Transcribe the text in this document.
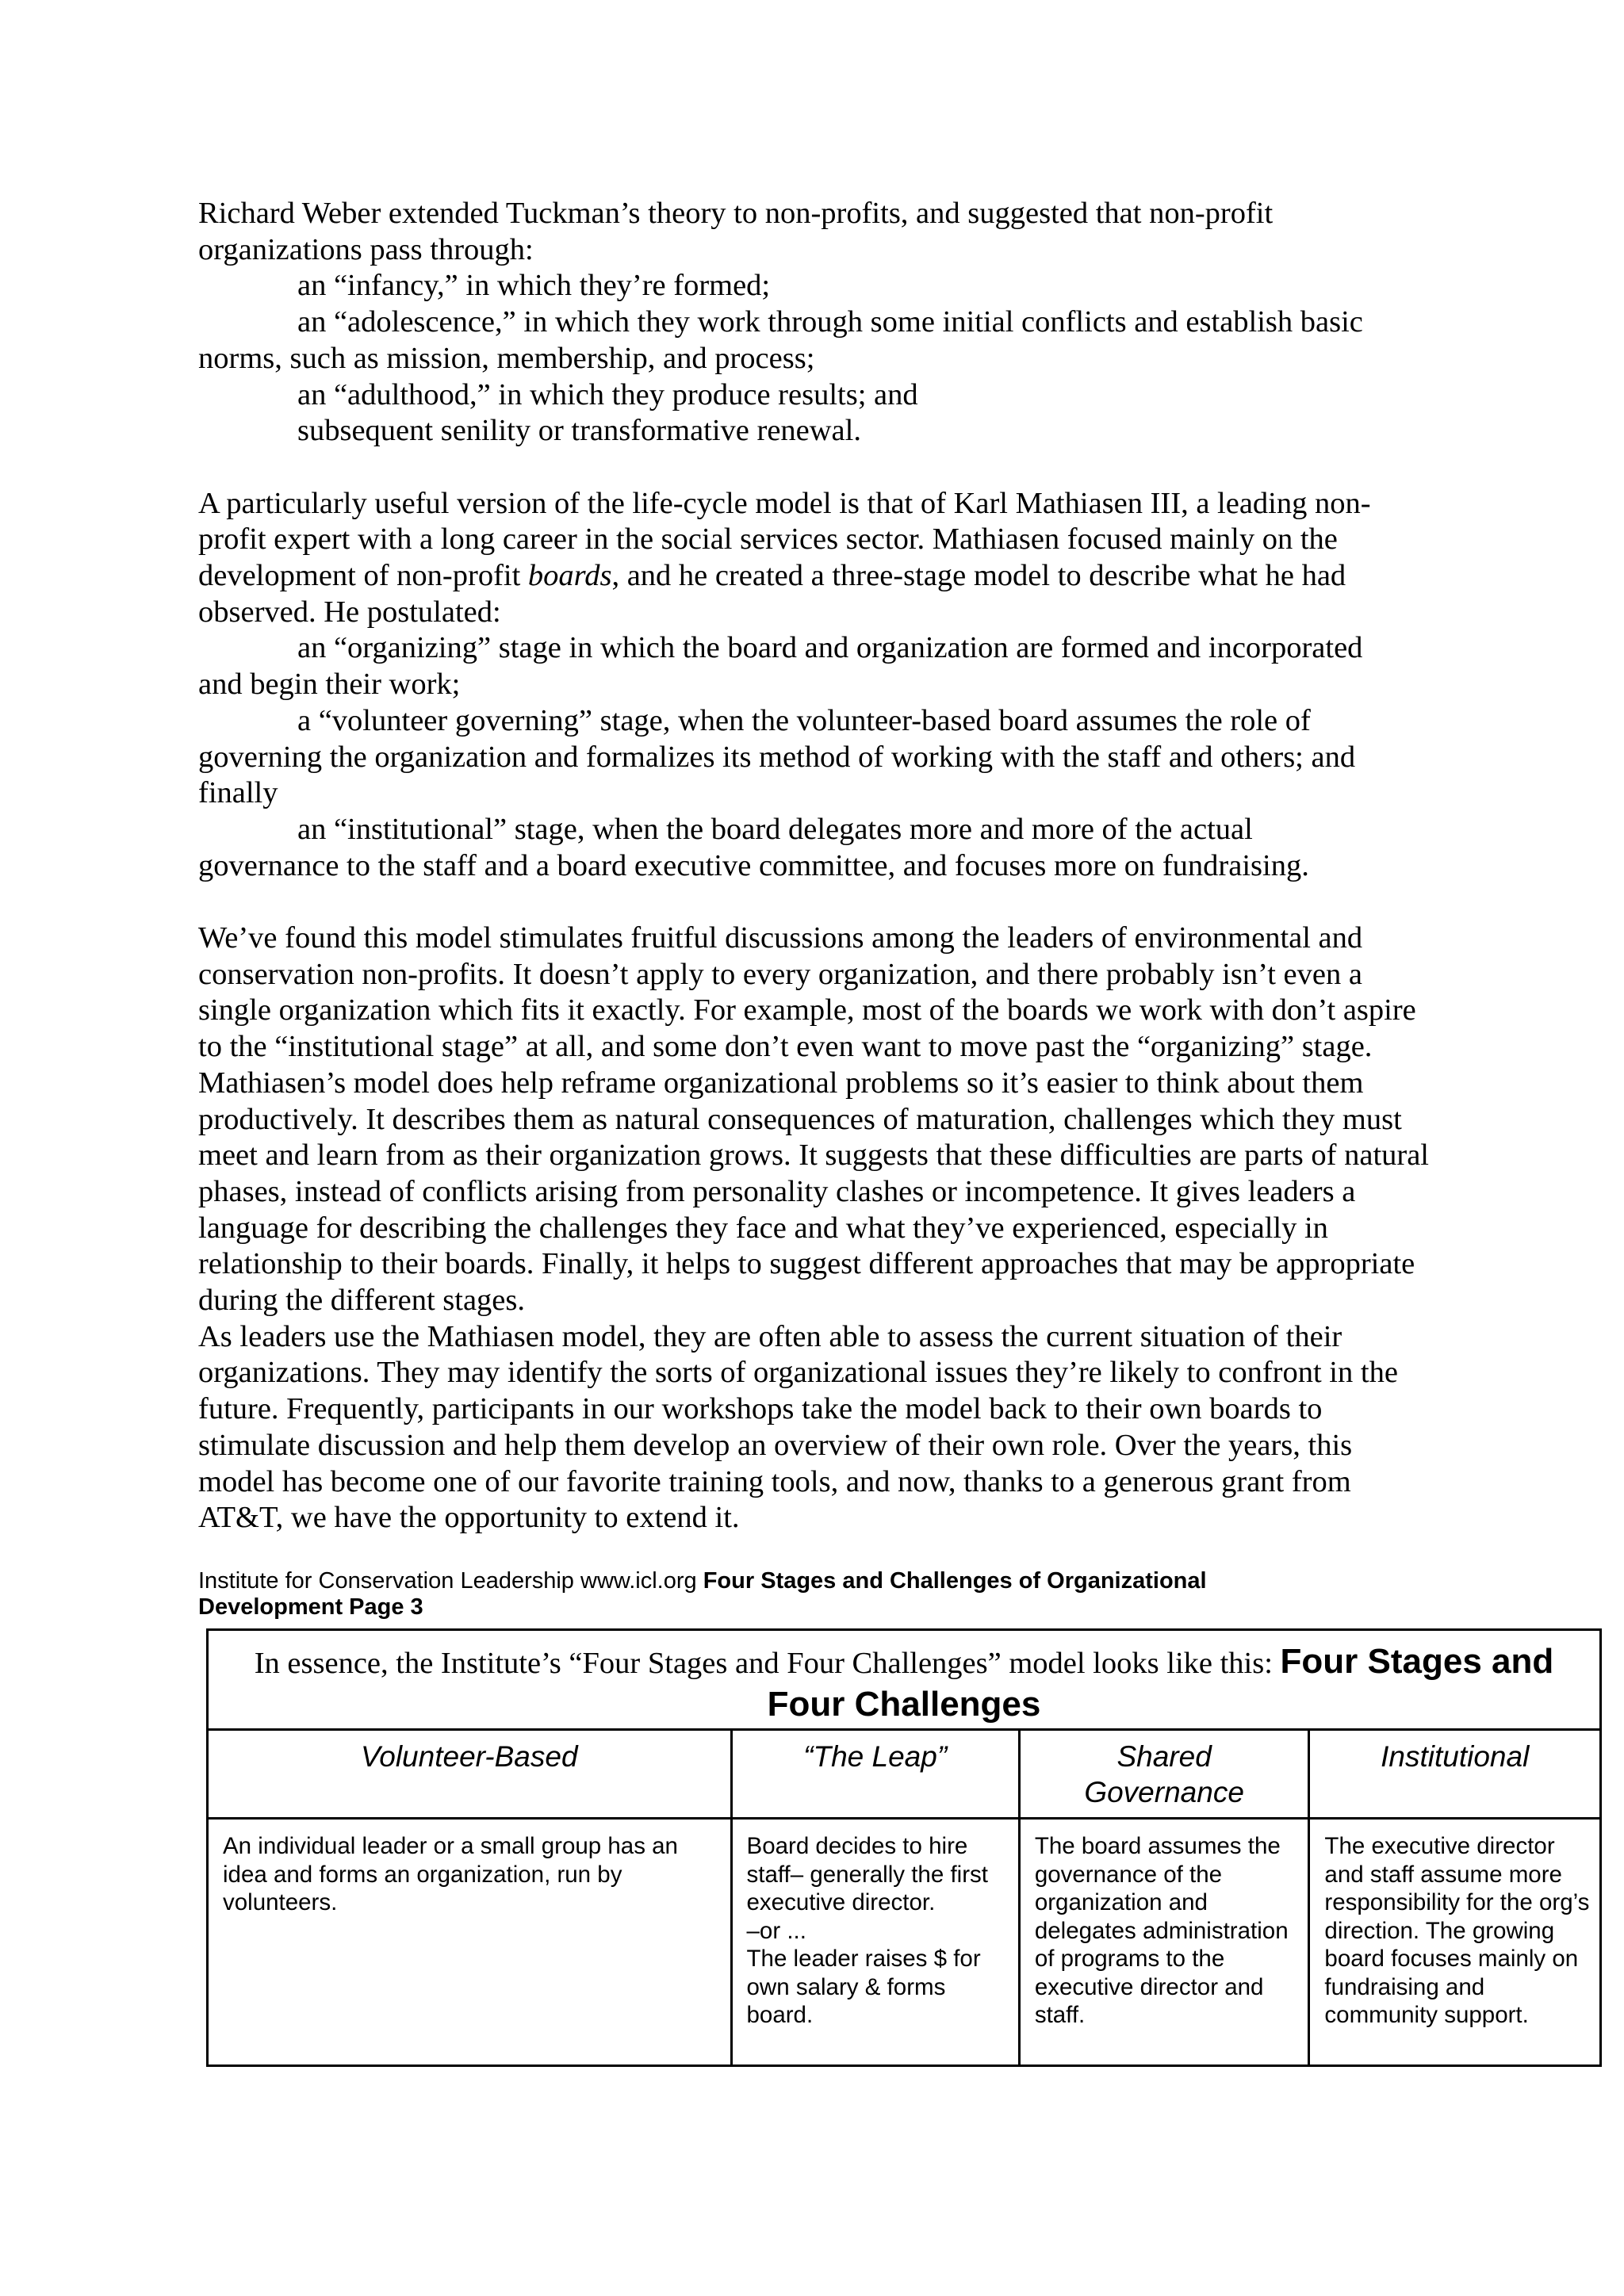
Richard Weber extended Tuckman’s theory to non-profits, and suggested that non-profit organizations pass through:

an “infancy,” in which they’re formed;

an “adolescence,” in which they work through some initial conflicts and establish basic

norms, such as mission, membership, and process;

an “adulthood,” in which they produce results; and

subsequent senility or transformative renewal.

A particularly useful version of the life-cycle model is that of Karl Mathiasen III, a leading non-profit expert with a long career in the social services sector. Mathiasen focused mainly on the development of non-profit boards, and he created a three-stage model to describe what he had observed. He postulated:

an “organizing” stage in which the board and organization are formed and incorporated

and begin their work;

a “volunteer governing” stage, when the volunteer-based board assumes the role of

governing the organization and formalizes its method of working with the staff and others; and finally

an “institutional” stage, when the board delegates more and more of the actual

governance to the staff and a board executive committee, and focuses more on fundraising.

We’ve found this model stimulates fruitful discussions among the leaders of environmental and conservation non-profits. It doesn’t apply to every organization, and there probably isn’t even a single organization which fits it exactly. For example, most of the boards we work with don’t aspire to the “institutional stage” at all, and some don’t even want to move past the “organizing” stage.

Mathiasen’s model does help reframe organizational problems so it’s easier to think about them productively. It describes them as natural consequences of maturation, challenges which they must meet and learn from as their organization grows. It suggests that these difficulties are parts of natural phases, instead of conflicts arising from personality clashes or incompetence. It gives leaders a language for describing the challenges they face and what they’ve experienced, especially in relationship to their boards. Finally, it helps to suggest different approaches that may be appropriate during the different stages.

As leaders use the Mathiasen model, they are often able to assess the current situation of their organizations. They may identify the sorts of organizational issues they’re likely to confront in the future. Frequently, participants in our workshops take the model back to their own boards to stimulate discussion and help them develop an overview of their own role. Over the years, this model has become one of our favorite training tools, and now, thanks to a generous grant from AT&T, we have the opportunity to extend it.

Institute for Conservation Leadership www.icl.org Four Stages and Challenges of Organizational Development Page 3
In essence, the Institute’s “Four Stages and Four Challenges” model looks like this: Four Stages and Four Challenges			
Volunteer-Based	“The Leap”	Shared Governance	Institutional
An individual leader or a small group has an idea and forms an organization, run by volunteers.	Board decides to hire staff– generally the first executive director.
–or ...
The leader raises $ for own salary & forms board.	The board assumes the governance of the organization and delegates administration of programs to the executive director and staff.	The executive director and staff assume more responsibility for the org’s direction. The growing board focuses mainly on fundraising and community support.
